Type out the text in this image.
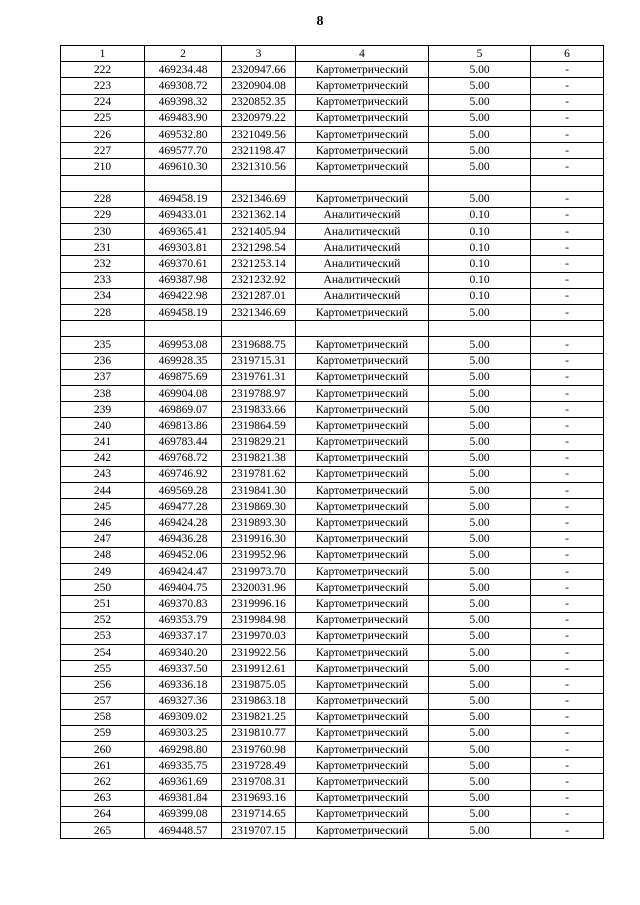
8
1	2	3	4	5	6
222	469234.48	2320947.66	Картометрический	5.00	-
223	469308.72	2320904.08	Картометрический	5.00	-
224	469398.32	2320852.35	Картометрический	5.00	-
225	469483.90	2320979.22	Картометрический	5.00	-
226	469532.80	2321049.56	Картометрический	5.00	-
227	469577.70	2321198.47	Картометрический	5.00	-
210	469610.30	2321310.56	Картометрический	5.00	-

228	469458.19	2321346.69	Картометрический	5.00	-
229	469433.01	2321362.14	Аналитический	0.10	-
230	469365.41	2321405.94	Аналитический	0.10	-
231	469303.81	2321298.54	Аналитический	0.10	-
232	469370.61	2321253.14	Аналитический	0.10	-
233	469387.98	2321232.92	Аналитический	0.10	-
234	469422.98	2321287.01	Аналитический	0.10	-
228	469458.19	2321346.69	Картометрический	5.00	-

235	469953.08	2319688.75	Картометрический	5.00	-
236	469928.35	2319715.31	Картометрический	5.00	-
237	469875.69	2319761.31	Картометрический	5.00	-
238	469904.08	2319788.97	Картометрический	5.00	-
239	469869.07	2319833.66	Картометрический	5.00	-
240	469813.86	2319864.59	Картометрический	5.00	-
241	469783.44	2319829.21	Картометрический	5.00	-
242	469768.72	2319821.38	Картометрический	5.00	-
243	469746.92	2319781.62	Картометрический	5.00	-
244	469569.28	2319841.30	Картометрический	5.00	-
245	469477.28	2319869.30	Картометрический	5.00	-
246	469424.28	2319893.30	Картометрический	5.00	-
247	469436.28	2319916.30	Картометрический	5.00	-
248	469452.06	2319952.96	Картометрический	5.00	-
249	469424.47	2319973.70	Картометрический	5.00	-
250	469404.75	2320031.96	Картометрический	5.00	-
251	469370.83	2319996.16	Картометрический	5.00	-
252	469353.79	2319984.98	Картометрический	5.00	-
253	469337.17	2319970.03	Картометрический	5.00	-
254	469340.20	2319922.56	Картометрический	5.00	-
255	469337.50	2319912.61	Картометрический	5.00	-
256	469336.18	2319875.05	Картометрический	5.00	-
257	469327.36	2319863.18	Картометрический	5.00	-
258	469309.02	2319821.25	Картометрический	5.00	-
259	469303.25	2319810.77	Картометрический	5.00	-
260	469298.80	2319760.98	Картометрический	5.00	-
261	469335.75	2319728.49	Картометрический	5.00	-
262	469361.69	2319708.31	Картометрический	5.00	-
263	469381.84	2319693.16	Картометрический	5.00	-
264	469399.08	2319714.65	Картометрический	5.00	-
265	469448.57	2319707.15	Картометрический	5.00	-
